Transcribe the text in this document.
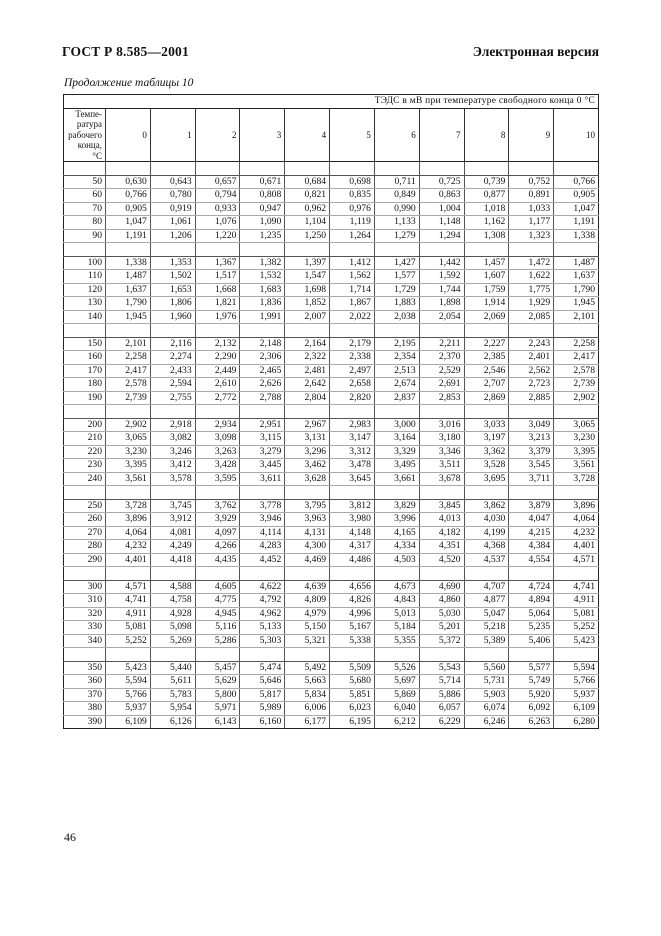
ГОСТ Р 8.585—2001	Электронная версия
Продолжение таблицы 10
ТЭДС в мВ при температуре свободного конца 0 °С											

Темпе-
ратура
рабочего
конца,
°С	0	1	2	3	4	5	6	7	8	9	10

50	0,630	0,643	0,657	0,671	0,684	0,698	0,711	0,725	0,739	0,752	0,766
60	0,766	0,780	0,794	0,808	0,821	0,835	0,849	0,863	0,877	0,891	0,905
70	0,905	0,919	0,933	0,947	0,962	0,976	0,990	1,004	1,018	1,033	1,047
80	1,047	1,061	1,076	1,090	1,104	1,119	1,133	1,148	1,162	1,177	1,191
90	1,191	1,206	1,220	1,235	1,250	1,264	1,279	1,294	1,308	1,323	1,338

100	1,338	1,353	1,367	1,382	1,397	1,412	1,427	1,442	1,457	1,472	1,487
110	1,487	1,502	1,517	1,532	1,547	1,562	1,577	1,592	1,607	1,622	1,637
120	1,637	1,653	1,668	1,683	1,698	1,714	1,729	1,744	1,759	1,775	1,790
130	1,790	1,806	1,821	1,836	1,852	1,867	1,883	1,898	1,914	1,929	1,945
140	1,945	1,960	1,976	1,991	2,007	2,022	2,038	2,054	2,069	2,085	2,101

150	2,101	2,116	2,132	2,148	2,164	2,179	2,195	2,211	2,227	2,243	2,258
160	2,258	2,274	2,290	2,306	2,322	2,338	2,354	2,370	2,385	2,401	2,417
170	2,417	2,433	2,449	2,465	2,481	2,497	2,513	2,529	2,546	2,562	2,578
180	2,578	2,594	2,610	2,626	2,642	2,658	2,674	2,691	2,707	2,723	2,739
190	2,739	2,755	2,772	2,788	2,804	2,820	2,837	2,853	2,869	2,885	2,902

200	2,902	2,918	2,934	2,951	2,967	2,983	3,000	3,016	3,033	3,049	3,065
210	3,065	3,082	3,098	3,115	3,131	3,147	3,164	3,180	3,197	3,213	3,230
220	3,230	3,246	3,263	3,279	3,296	3,312	3,329	3,346	3,362	3,379	3,395
230	3,395	3,412	3,428	3,445	3,462	3,478	3,495	3,511	3,528	3,545	3,561
240	3,561	3,578	3,595	3,611	3,628	3,645	3,661	3,678	3,695	3,711	3,728

250	3,728	3,745	3,762	3,778	3,795	3,812	3,829	3,845	3,862	3,879	3,896
260	3,896	3,912	3,929	3,946	3,963	3,980	3,996	4,013	4,030	4,047	4,064
270	4,064	4,081	4,097	4,114	4,131	4,148	4,165	4,182	4,199	4,215	4,232
280	4,232	4,249	4,266	4,283	4,300	4,317	4,334	4,351	4,368	4,384	4,401
290	4,401	4,418	4,435	4,452	4,469	4,486	4,503	4,520	4,537	4,554	4,571

300	4,571	4,588	4,605	4,622	4,639	4,656	4,673	4,690	4,707	4,724	4,741
310	4,741	4,758	4,775	4,792	4,809	4,826	4,843	4,860	4,877	4,894	4,911
320	4,911	4,928	4,945	4,962	4,979	4,996	5,013	5,030	5,047	5,064	5,081
330	5,081	5,098	5,116	5,133	5,150	5,167	5,184	5,201	5,218	5,235	5,252
340	5,252	5,269	5,286	5,303	5,321	5,338	5,355	5,372	5,389	5,406	5,423

350	5,423	5,440	5,457	5,474	5,492	5,509	5,526	5,543	5,560	5,577	5,594
360	5,594	5,611	5,629	5,646	5,663	5,680	5,697	5,714	5,731	5,749	5,766
370	5,766	5,783	5,800	5,817	5,834	5,851	5,869	5,886	5,903	5,920	5,937
380	5,937	5,954	5,971	5,989	6,006	6,023	6,040	6,057	6,074	6,092	6,109
390	6,109	6,126	6,143	6,160	6,177	6,195	6,212	6,229	6,246	6,263	6,280
46
